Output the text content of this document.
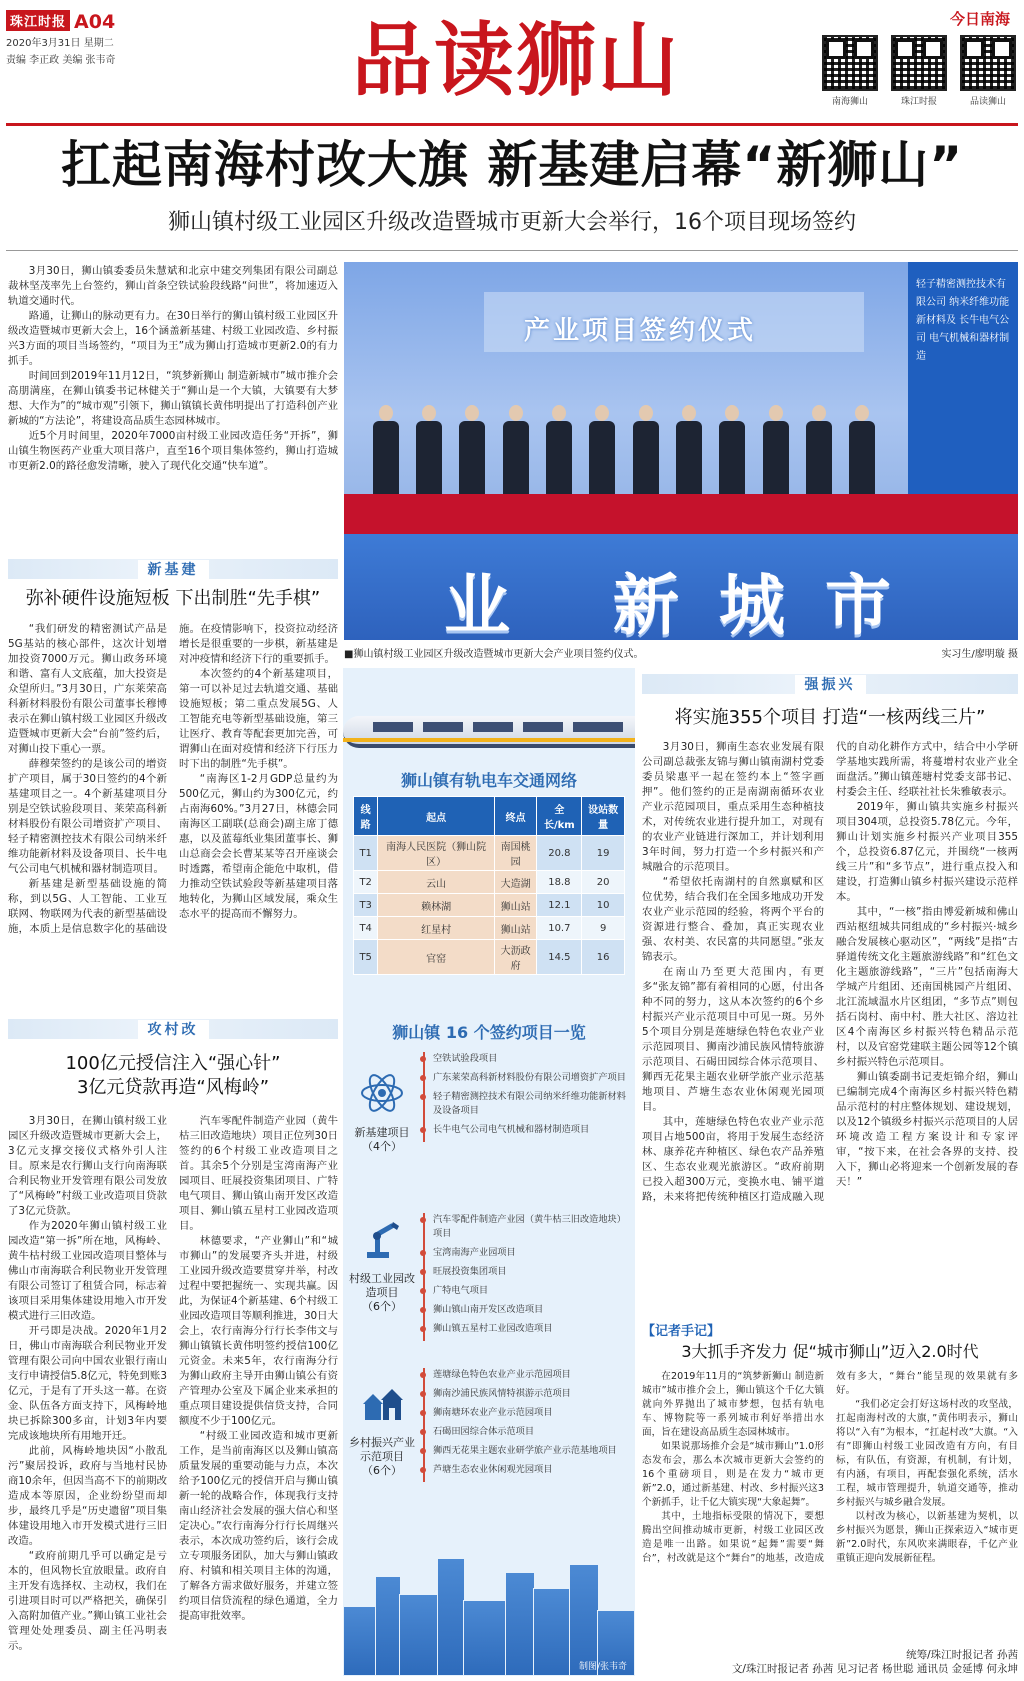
珠江时报 A04
2020年3月31日 星期二
责编 李正政 美编 张韦奇	品读狮山	今日南海
南海狮山	珠江时报	品读狮山
扛起南海村改大旗 新基建启幕“新狮山”
狮山镇村级工业园区升级改造暨城市更新大会举行，16个项目现场签约

3月30日，狮山镇委委员朱慧斌和北京中建交列集团有限公司副总裁林坚茂率先上台签约，狮山首条空铁试验段线路“问世”，将加速迈入轨道交通时代。

路通，让狮山的脉动更有力。在30日举行的狮山镇村级工业园区升级改造暨城市更新大会上，16个涵盖新基建、村级工业园改造、乡村振兴3方面的项目当场签约，“项目为王”成为狮山打造城市更新2.0的有力抓手。

时间回到2019年11月12日，“筑梦新狮山 制造新城市”城市推介会高朋满座，在狮山镇委书记林健关于“狮山是一个大镇，大镇要有大梦想、大作为”的“城市观”引领下，狮山镇镇长黄伟明提出了打造科创产业新城的“方法论”，将建设高品质生态园林城市。

近5个月时间里，2020年7000亩村级工业园改造任务“开拆”，狮山镇生物医药产业重大项目落户，直至16个项目集体签约，狮山打造城市更新2.0的路径愈发清晰，驶入了现代化交通“快车道”。

产业项目签约仪式
轻子精密测控技术有限公司 纳米纤维功能新材料及 长牛电气公司 电气机械和器材制造
业 新城市
■狮山镇村级工业园区升级改造暨城市更新大会产业项目签约仪式。	实习生/廖明璇 摄
新基建
弥补硬件设施短板 下出制胜“先手棋”

“我们研发的精密测试产品是5G基站的核心部件，这次计划增加投资7000万元。狮山政务环境和谐、富有人文底蕴，加大投资是众望所归。”3月30日，广东莱荣高科新材料股份有限公司董事长穆博表示在狮山镇村级工业园区升级改造暨城市更新大会“台前”签约后，对狮山投下重心一票。

薛穆荣签约的是该公司的增资扩产项目，属于30日签约的4个新基建项目之一。4个新基建项目分别是空铁试验段项目、莱荣高科新材料股份有限公司增资扩产项目、轻子精密测控技术有限公司纳米纤维功能新材料及设备项目、长牛电气公司电气机械和器材制造项目。

新基建是新型基础设施的简称，到以5G、人工智能、工业互联网、物联网为代表的新型基础设施，本质上是信息数字化的基础设施。在疫情影响下，投资拉动经济增长是很重要的一步棋，新基建是对冲疫情和经济下行的重要抓手。

本次签约的4个新基建项目，第一可以补足过去轨道交通、基础设施短板；第二重点发展5G、人工智能充电等新型基础设施，第三让医疗、教育等配套更加完善，可谓狮山在面对疫情和经济下行压力时下出的制胜“先手棋”。

“南海区1-2月GDP总量约为500亿元，狮山约为300亿元，约占南海60%。”3月27日，林德会同南海区工副联(总商会)副主席丁德惠，以及蓝莓纸业集团董事长、狮山总商会会长曹某某等召开座谈会时透露，希望南企能危中取机，借力推动空铁试验段等新基建项目落地转化，为狮山区域发展，乘众生态水平的提高而不懈努力。

攻村改
100亿元授信注入“强心针”
3亿元贷款再造“风梅岭”

3月30日，在狮山镇村级工业园区升级改造暨城市更新大会上，3亿元支撑交接仪式格外引人注目。原来是农行狮山支行向南海联合利民物业开发管理有限公司发放了“风梅岭”村级工业改造项目贷款了3亿元贷款。

作为2020年狮山镇村级工业园改造“第一拆”所在地，风梅岭、黄牛枯村级工业园改造项目整体与佛山市南海联合利民物业开发管理有限公司签订了租赁合同，标志着该项目采用集体建设用地入市开发模式进行三旧改造。

开弓即是决战。2020年1月2日，佛山市南海联合利民物业开发管理有限公司向中国农业银行南山支行申请授信5.8亿元，特免到账3亿元，于是有了开头这一幕。在资金、队伍各方面支持下，风梅岭地块已拆除300多亩，计划3年内要完成该地块所有用地开迁。

此前，风梅岭地块因“小散乱污”聚居投诉，政府与当地村民协商10余年，但因当高不下的前期改造成本等原因，企业纷纷望而却步，最终几乎是“历史遗留”项目集体建设用地入市开发模式进行三旧改造。

“政府前期几乎可以确定是亏本的，但风物长宜放眼量。政府自主开发有选择权、主动权，我们在引进项目时可以严格把关，确保引入高附加值产业。”狮山镇工业社会管理处处理委员、副主任冯明表示。

汽车零配件制造产业园（黄牛枯三旧改造地块）项目正位列30日签约的6个村级工业改造项目之首。其余5个分别是宝湾南海产业园项目、旺展投资集团项目、广特电气项目、狮山镇山南开发区改造项目、狮山镇五星村工业园改造项目。

林德要求，“产业狮山”和“城市狮山”的发展要齐头并进，村级工业园升级改造要贯穿并举，村改过程中要把握统一、实现共赢。因此，为保证4个新基建、6个村级工业园改造项目等顺利推进，30日大会上，农行南海分行行长李伟文与狮山镇镇长黄伟明签约授信100亿元资金。未来5年，农行南海分行为狮山政府主导开由狮山镇公有资产管理办公室及下属企业来承担的重点项目建设提供信贷支持，合同额度不少于100亿元。

“村级工业园改造和城市更新工作，是当前南海区以及狮山镇高质量发展的重要动能与力点，本次给予100亿元的授信开启与狮山镇新一轮的战略合作，体现我行支持南山经济社会发展的强大信心和坚定决心。”农行南海分行行长周继兴表示，本次成功签约后，该行会成立专项服务团队，加大与狮山镇政府、村镇和相关项目主体的沟通，了解各方需求做好服务，并建立签约项目信贷流程的绿色通道，全力提高审批效率。

狮山镇有轨电车交通网络
线路	起点	终点	全长/km	设站数量
T1	南海人民医院（狮山院区）	南国桃园	20.8	19
T2	云山	大造湖	18.8	20
T3	赖林湖	狮山站	12.1	10
T4	红星村	狮山站	10.7	9
T5	官窑	大沥政府	14.5	16
狮山镇 16 个签约项目一览
新基建项目
（4个）
空铁试验段项目
广东莱荣高科新材料股份有限公司增资扩产项目
轻子精密测控技术有限公司纳米纤维功能新材料及设备项目
长牛电气公司电气机械和器材制造项目
村级工业园改造项目
（6个）
汽车零配件制造产业园（黄牛枯三旧改造地块）项目
宝湾南海产业园项目
旺展投资集团项目
广特电气项目
狮山镇山南开发区改造项目
狮山镇五星村工业园改造项目
乡村振兴产业示范项目
（6个）
莲塘绿色特色农业产业示范园项目
狮南沙浦民族风情特祺游示范项目
狮南塘环农业产业示范园项目
石碣田园综合体示范项目
狮西无花果主题农业研学旅产业示范基地项目
芦塘生态农业休闲观光园项目
制图/张韦奇
强振兴
将实施355个项目 打造“一核两线三片”

3月30日，狮南生态农业发展有限公司副总裁张友锦与狮山镇南湖村党委委员梁惠平一起在签约本上“签字画押”。他们签约的正是南湖南循环农业产业示范园项目，重点采用生态种植技术，对传统农业进行提升加工，对现有的农业产业链进行深加工，并计划利用3年时间，努力打造一个乡村振兴和产城融合的示范项目。

“希望依托南湖村的自然禀赋和区位优势，结合我们在全国多地成功开发农业产业示范园的经验，将两个平台的资源进行整合、叠加，真正实现农业强、农村美、农民富的共同愿望。”张友锦表示。

在南山乃至更大范围内，有更多“张友锦”都有着相同的心愿，付出各种不同的努力，这从本次签约的6个乡村振兴产业示范项目中可见一斑。另外5个项目分别是莲塘绿色特色农业产业示范园项目、狮南沙浦民族风情特旅游示范项目、石碣田园综合体示范项目、狮西无花果主题农业研学旅产业示范基地项目、芦塘生态农业休闲观光园项目。

其中，莲塘绿色特色农业产业示范项目占地500亩，将用于发展生态经济林、康养花卉种植区、绿色农产品养殖区、生态农业观光旅游区。“政府前期已投入超300万元，变换水电、铺平道路，未来将把传统种植区打造成融入现代的自动化耕作方式中，结合中小学研学基地实践所需，将蔓增村农业产业全面盘活。”狮山镇莲塘村党委支部书记、村委会主任、经联社社长朱雅敏表示。

2019年，狮山镇共实施乡村振兴项目304项，总投资5.78亿元。今年，狮山计划实施乡村振兴产业项目355个，总投资6.87亿元，并围绕“一核两线三片”和“多节点”，进行重点投入和建设，打造狮山镇乡村振兴建设示范样本。

其中，“一核”指由博爱新城和佛山西站枢纽城共同组成的“乡村振兴·城乡融合发展核心驱动区”，“两线”是指“古驿道传统文化主题旅游线路”和“红色文化主题旅游线路”，“三片”包括南海大学城产片组团、还南国桃园产片组团、北江流域温水片区组团，“多节点”则包括石岗村、南中村、胜大社区、溶边社区4个南海区乡村振兴特色精品示范村，以及官窑党建联主题公园等12个镇乡村振兴特色示范项目。

狮山镇委副书记麦炬锦介绍，狮山已编制完成4个南海区乡村振兴特色精品示范村的村庄整体规划、建设规划，以及12个镇级乡村振兴示范项目的人居环境改造工程方案设计和专家评审，“按下来，在社会各界的支持、投入下，狮山必将迎来一个创新发展的春天！”

【记者手记】
3大抓手齐发力 促“城市狮山”迈入2.0时代

在2019年11月的“筑梦新狮山 制造新城市”城市推介会上，狮山镇这个千亿大镇就向外界抛出了城市梦想，包括有轨电车、博物院等一系列城市利好举措出水面，旨在建设高品质生态园林城市。

如果说那场推介会是“城市狮山”1.0形态发布会，那么本次城市更新大会签约的16个重磅项目，则是在发力“城市更新”2.0，通过新基建、村改、乡村振兴这3个新抓手，让千亿大镇实现“大象起舞”。

其中，土地指标受限的情况下，要想腾出空间推动城市更新，村级工业园区改造是唯一出路。如果说“起舞”需要“舞台”，村改就是这个“舞台”的地基，改造成效有多大，“舞台”能呈现的效果就有多好。

“我们必定会打好这场村改的攻坚战，扛起南海村改的大旗，”黄伟明表示，狮山将以“入有”为根本，“扛起村改”大旗。“入有”即狮山村级工业园改造有方向，有目标，有队伍，有资源，有机制，有计划，有内涵，有项目，再配套强化系统，活水工程，城市管理提升，轨道交通等，推动乡村振兴与城乡融合发展。

以村改为核心，以新基建为契机，以乡村振兴为愿景，狮山正探索迈入“城市更新”2.0时代，东风吹来满眼春，千亿产业重镇正迎向发展新征程。

统筹/珠江时报记者 孙茜
文/珠江时报记者 孙茜 见习记者 杨世聪 通讯员 金延博 何永坤
